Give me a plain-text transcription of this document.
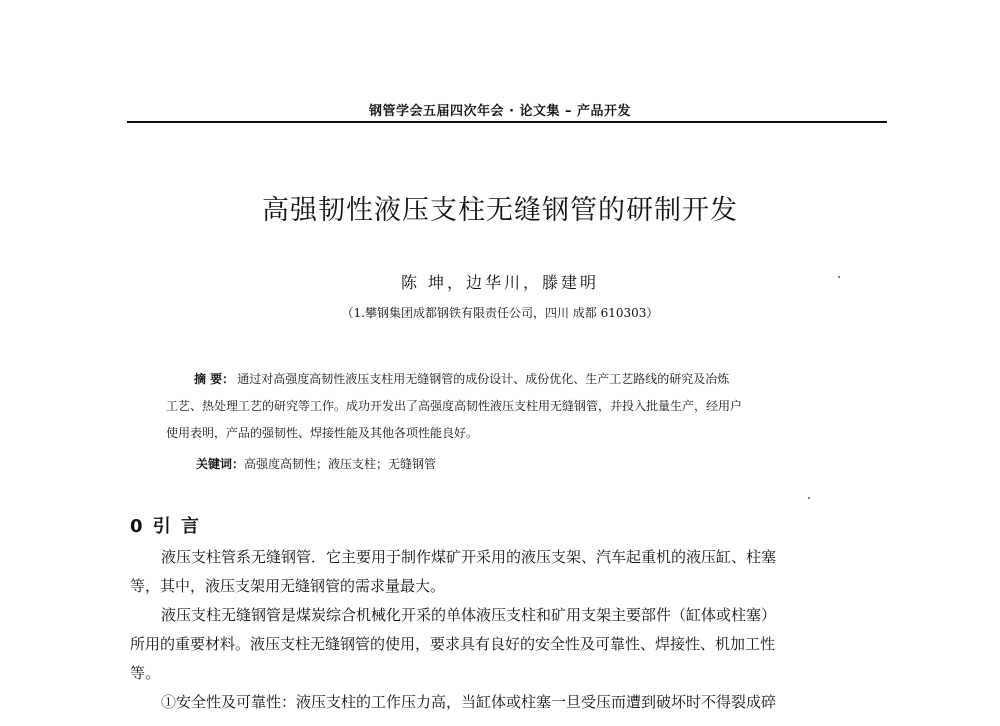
钢管学会五届四次年会 · 论文集 – 产品开发
高强韧性液压支柱无缝钢管的研制开发
陈 坤，边华川，滕建明
（1.攀钢集团成都钢铁有限责任公司，四川 成都 610303）
摘 要： 通过对高强度高韧性液压支柱用无缝钢管的成份设计、成份优化、生产工艺路线的研究及冶炼
工艺、热处理工艺的研究等工作。成功开发出了高强度高韧性液压支柱用无缝钢管，并投入批量生产，经用户
使用表明，产品的强韧性、焊接性能及其他各项性能良好。
关键词：高强度高韧性；液压支柱；无缝钢管
0 引 言
液压支柱管系无缝钢管．它主要用于制作煤矿开采用的液压支架、汽车起重机的液压缸、柱塞
等，其中，液压支架用无缝钢管的需求量最大。
液压支柱无缝钢管是煤炭综合机械化开采的单体液压支柱和矿用支架主要部件（缸体或柱塞）
所用的重要材料。液压支柱无缝钢管的使用，要求具有良好的安全性及可靠性、焊接性、机加工性
等。
①安全性及可靠性：液压支柱的工作压力高，当缸体或柱塞一旦受压而遭到破坏时不得裂成碎
